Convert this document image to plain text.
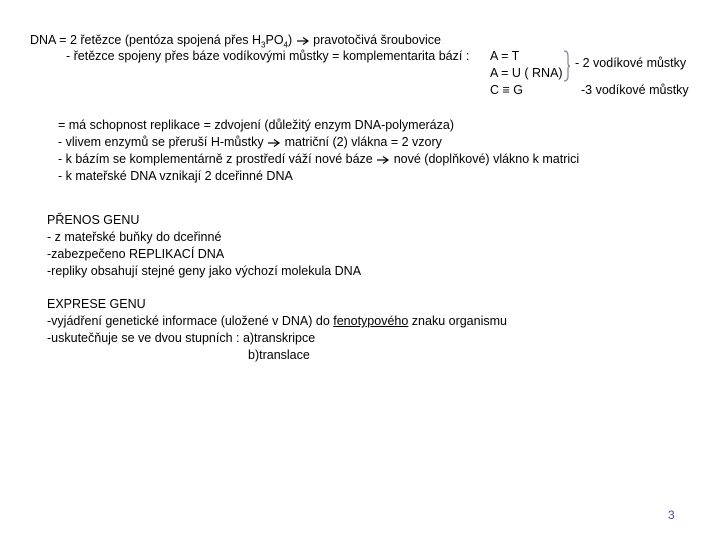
DNA = 2 řetězce (pentóza spojená přes $H_3PO_4$) pravotočivá šroubovice
- řetězce spojeny přes báze vodíkovými můstky = komplementarita bází : A = T
A = U ( RNA)
C ≡ G
- 2 vodíkové můstky
-3 vodíkové můstky
= má schopnost replikace = zdvojení (důležitý enzym DNA-polymeráza)
- vlivem enzymů se přeruší H-můstky matriční (2) vlákna = 2 vzory
- k bázím se komplementárně z prostředí váží nové báze nové (doplňkové) vlákno k matrici
- k mateřské DNA vznikají 2 dceřinné DNA
PŘENOS GENU
- z mateřské buňky do dceřinné
-zabezpečeno REPLIKACÍ DNA
-repliky obsahují stejné geny jako výchozí molekula DNA
EXPRESE GENU
-vyjádření genetické informace (uložené v DNA) do fenotypového znaku organismu
-uskutečňuje se ve dvou stupních : a)transkripce
b)translace
3
